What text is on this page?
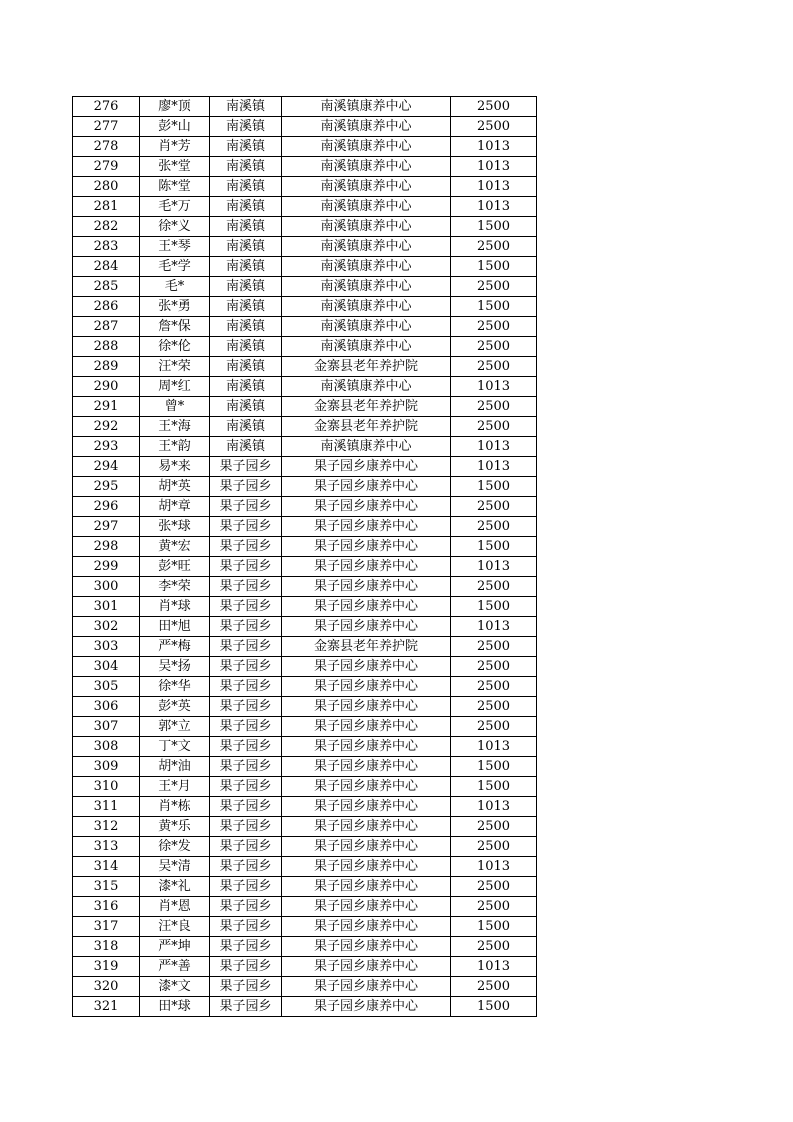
276	廖*顶	南溪镇	南溪镇康养中心	2500
277	彭*山	南溪镇	南溪镇康养中心	2500
278	肖*芳	南溪镇	南溪镇康养中心	1013
279	张*堂	南溪镇	南溪镇康养中心	1013
280	陈*堂	南溪镇	南溪镇康养中心	1013
281	毛*万	南溪镇	南溪镇康养中心	1013
282	徐*义	南溪镇	南溪镇康养中心	1500
283	王*琴	南溪镇	南溪镇康养中心	2500
284	毛*学	南溪镇	南溪镇康养中心	1500
285	毛*	南溪镇	南溪镇康养中心	2500
286	张*勇	南溪镇	南溪镇康养中心	1500
287	詹*保	南溪镇	南溪镇康养中心	2500
288	徐*伦	南溪镇	南溪镇康养中心	2500
289	汪*荣	南溪镇	金寨县老年养护院	2500
290	周*红	南溪镇	南溪镇康养中心	1013
291	曾*	南溪镇	金寨县老年养护院	2500
292	王*海	南溪镇	金寨县老年养护院	2500
293	王*韵	南溪镇	南溪镇康养中心	1013
294	易*来	果子园乡	果子园乡康养中心	1013
295	胡*英	果子园乡	果子园乡康养中心	1500
296	胡*章	果子园乡	果子园乡康养中心	2500
297	张*球	果子园乡	果子园乡康养中心	2500
298	黄*宏	果子园乡	果子园乡康养中心	1500
299	彭*旺	果子园乡	果子园乡康养中心	1013
300	李*荣	果子园乡	果子园乡康养中心	2500
301	肖*球	果子园乡	果子园乡康养中心	1500
302	田*旭	果子园乡	果子园乡康养中心	1013
303	严*梅	果子园乡	金寨县老年养护院	2500
304	吴*扬	果子园乡	果子园乡康养中心	2500
305	徐*华	果子园乡	果子园乡康养中心	2500
306	彭*英	果子园乡	果子园乡康养中心	2500
307	郭*立	果子园乡	果子园乡康养中心	2500
308	丁*文	果子园乡	果子园乡康养中心	1013
309	胡*油	果子园乡	果子园乡康养中心	1500
310	王*月	果子园乡	果子园乡康养中心	1500
311	肖*栋	果子园乡	果子园乡康养中心	1013
312	黄*乐	果子园乡	果子园乡康养中心	2500
313	徐*发	果子园乡	果子园乡康养中心	2500
314	吴*清	果子园乡	果子园乡康养中心	1013
315	漆*礼	果子园乡	果子园乡康养中心	2500
316	肖*恩	果子园乡	果子园乡康养中心	2500
317	汪*良	果子园乡	果子园乡康养中心	1500
318	严*坤	果子园乡	果子园乡康养中心	2500
319	严*善	果子园乡	果子园乡康养中心	1013
320	漆*文	果子园乡	果子园乡康养中心	2500
321	田*球	果子园乡	果子园乡康养中心	1500
